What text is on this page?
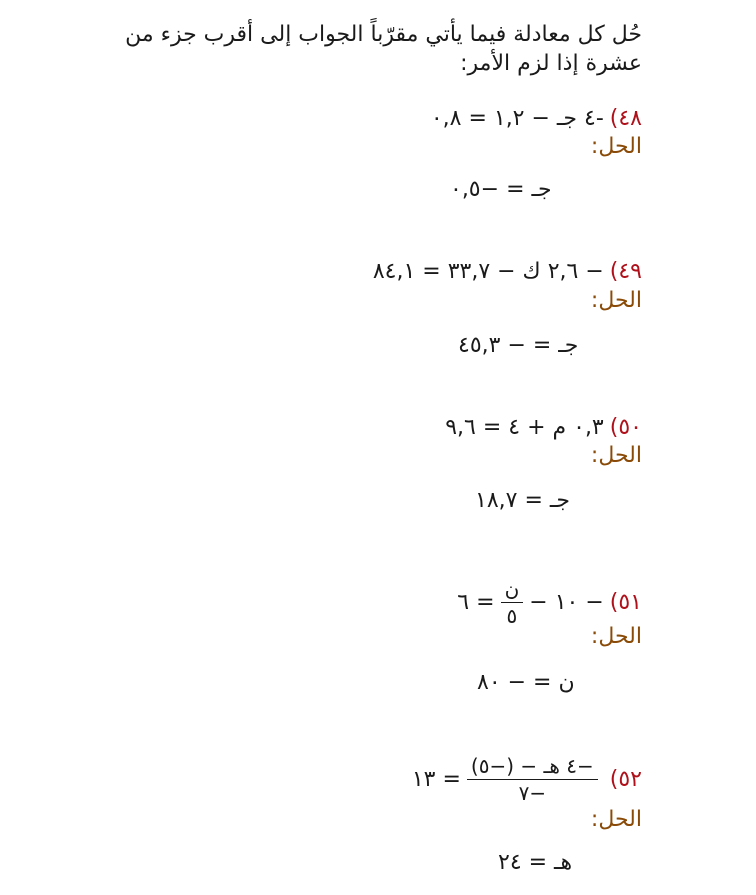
حُل كل معادلة فيما يأتي مقرّباً الجواب إلى أقرب جزء من عشرة إذا لزم الأمر:
٤٨)
-٤ جـ − ١,٢ = ٠,٨
الحل:
جـ = −٠,٥
٤٩)
− ٢,٦ ك − ٣٣,٧ = ٨٤,١
الحل:
جـ = − ٤٥,٣
٥٠)
٠,٣ م + ٤ = ٩,٦
الحل:
جـ = ١٨,٧
٥١)
− ١٠ −
$\frac{\text{ن}}{٥}$
= ٦
الحل:
ن = − ٨٠
٥٢)
$\frac{\text{−٤ هـ − (−٥)}}{-٧}$
= ١٣
الحل:
هـ = ٢٤
